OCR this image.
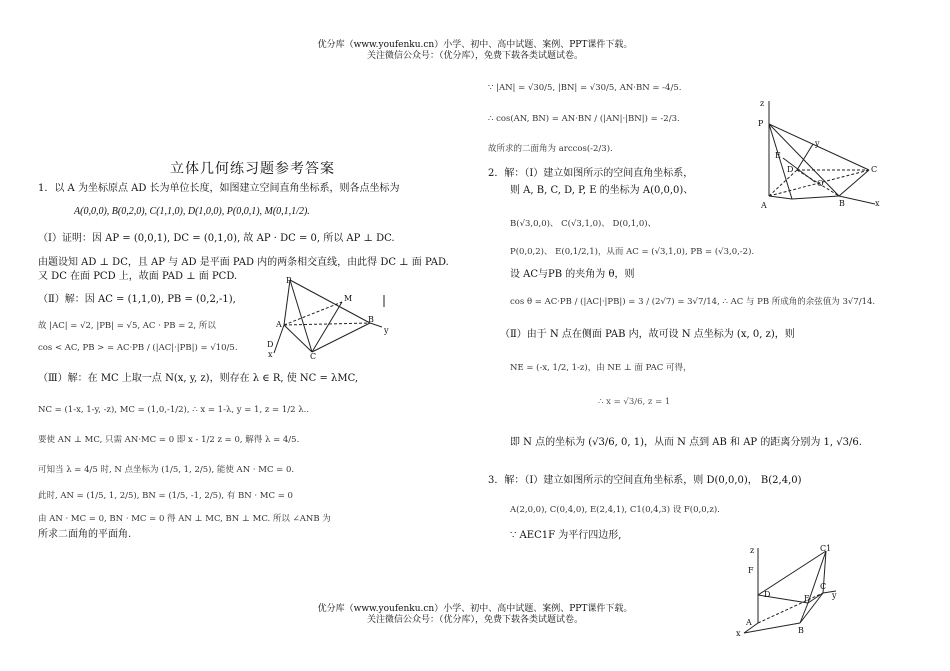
优分库（www.youfenku.cn）小学、初中、高中试题、案例、PPT课件下载。
关注微信公众号：（优分库），免费下载各类试题试卷。
立体几何练习题参考答案
1．以 A 为坐标原点 AD 长为单位长度，如图建立空间直角坐标系，则各点坐标为
A(0,0,0), B(0,2,0), C(1,1,0), D(1,0,0), P(0,0,1), M(0,1,1/2).
（Ⅰ）证明：因 AP = (0,0,1), DC = (0,1,0), 故 AP · DC = 0, 所以 AP ⊥ DC.
由题设知 AD ⊥ DC，且 AP 与 AD 是平面 PAD 内的两条相交直线，由此得 DC ⊥ 面 PAD.
又 DC 在面 PCD 上，故面 PAD ⊥ 面 PCD.
（Ⅱ）解：因 AC = (1,1,0), PB = (0,2,-1),
故 |AC| = √2, |PB| = √5, AC · PB = 2, 所以
cos < AC, PB > = AC·PB / (|AC|·|PB|) = √10/5.
（Ⅲ）解：在 MC 上取一点 N(x, y, z)，则存在 λ ∈ R, 使 NC = λMC,
NC = (1-x, 1-y, -z), MC = (1,0,-1/2), ∴ x = 1-λ, y = 1, z = 1/2 λ..
要使 AN ⊥ MC, 只需 AN·MC = 0 即 x - 1/2 z = 0, 解得 λ = 4/5.
可知当 λ = 4/5 时, N 点坐标为 (1/5, 1, 2/5), 能使 AN · MC = 0.
此时, AN = (1/5, 1, 2/5), BN = (1/5, -1, 2/5), 有 BN · MC = 0
由 AN · MC = 0, BN · MC = 0 得 AN ⊥ MC, BN ⊥ MC. 所以 ∠ANB 为
所求二面角的平面角.
P
M
A
B
C
D
y
x
∵ |AN| = √30/5, |BN| = √30/5, AN·BN = -4/5.
∴ cos(AN, BN) = AN·BN / (|AN|·|BN|) = -2/3.
故所求的二面角为 arccos(-2/3).
2．解：（Ⅰ）建立如图所示的空间直角坐标系，
则 A, B, C, D, P, E 的坐标为 A(0,0,0)、
B(√3,0,0)、 C(√3,1,0)、 D(0,1,0)、
P(0,0,2)、 E(0,1/2,1)，从而 AC = (√3,1,0), PB = (√3,0,-2).
设 AC与PB 的夹角为 θ，则
cos θ = AC·PB / (|AC|·|PB|) = 3 / (2√7) = 3√7/14, ∴ AC 与 PB 所成角的余弦值为 3√7/14.
（Ⅱ）由于 N 点在侧面 PAB 内，故可设 N 点坐标为 (x, 0, z)，则
NE = (-x, 1/2, 1-z)，由 NE ⊥ 面 PAC 可得，
∴ x = √3/6, z = 1
即 N 点的坐标为 (√3/6, 0, 1)，从而 N 点到 AB 和 AP 的距离分别为 1, √3/6.
3．解：（Ⅰ）建立如图所示的空间直角坐标系，则 D(0,0,0)， B(2,4,0)
A(2,0,0), C(0,4,0), E(2,4,1), C1(0,4,3) 设 F(0,0,z).
∵ AEC1F 为平行四边形,
z
P
E
y
D	C
O
A	B	x
z	C1
F
D
C
y
A
B
x
E
优分库（www.youfenku.cn）小学、初中、高中试题、案例、PPT课件下载。
关注微信公众号：（优分库），免费下载各类试题试卷。
